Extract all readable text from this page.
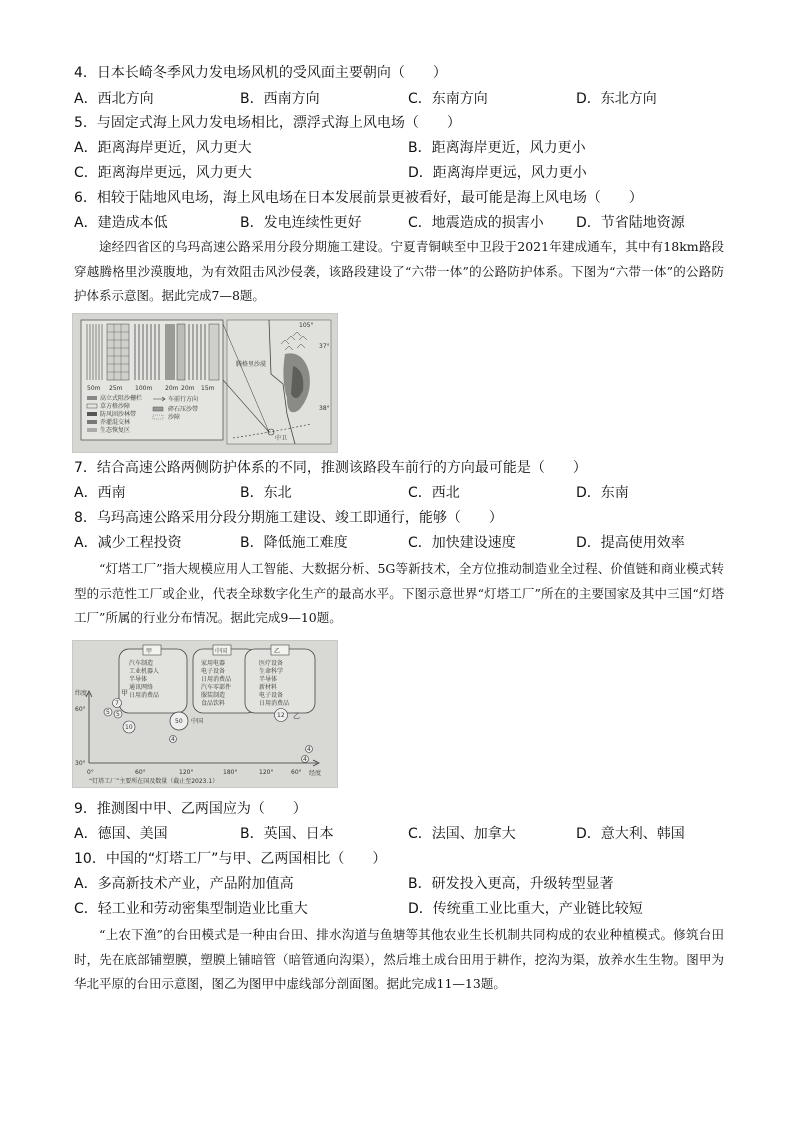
4．日本长崎冬季风力发电场风机的受风面主要朝向（　　）
A．西北方向	B．西南方向	C．东南方向	D．东北方向
5．与固定式海上风力发电场相比，漂浮式海上风电场（　　）
A．距离海岸更近，风力更大	B．距离海岸更近，风力更小
C．距离海岸更远，风力更大	D．距离海岸更远，风力更小
6．相较于陆地风电场，海上风电场在日本发展前景更被看好，最可能是海上风电场（　　）
A．建造成本低	B．发电连续性更好	C．地震造成的损害小 D．节省陆地资源

途经四省区的乌玛高速公路采用分段分期施工建设。宁夏青铜峡至中卫段于2021年建成通车，其中有18km路段穿越腾格里沙漠腹地，为有效阻击风沙侵袭，该路段建设了“六带一体”的公路防护体系。下图为“六带一体”的公路防护体系示意图。据此完成7—8题。

50m 25m 100m 20m 20m 15m
高立式阻沙栅栏
草方格沙障
防风固沙林带
乔灌混交林
生态恢复区
车前行方向
碎石压沙带
沙障
腾格里沙漠
中卫
37°
38°
105°
7．结合高速公路两侧防护体系的不同，推测该路段车前行的方向最可能是（　　）
A．西南	B．东北	C．西北	D．东南
8．乌玛高速公路采用分段分期施工建设、竣工即通行，能够（　　）
A．减少工程投资	B．降低施工难度	C．加快建设速度	D．提高使用效率

“灯塔工厂”指大规模应用人工智能、大数据分析、5G等新技术，全方位推动制造业全过程、价值链和商业模式转型的示范性工厂或企业，代表全球数字化生产的最高水平。下图示意世界“灯塔工厂”所在的主要国家及其中三国“灯塔工厂”所属的行业分布情况。据此完成9—10题。

甲	中国	乙
汽车制造
工业机器人
半导体
通讯网络
日用消费品
家用电器
电子设备
日用消费品
汽车零部件
服装制造
食品饮料
医疗设备
生命科学
半导体
新材料
电子设备
日用消费品
纬度
经度
60°
30°
0°	60°	120°	180°	120°	60°
甲
7
5 5
10
50 中国
4
12 乙
4
4
“灯塔工厂”主要所在国及数量（截止至2023.1）
9．推测图中甲、乙两国应为（　　）
A．德国、美国	B．英国、日本	C．法国、加拿大	D．意大利、韩国
10．中国的“灯塔工厂”与甲、乙两国相比（　　）
A．多高新技术产业，产品附加值高	B．研发投入更高，升级转型显著
C．轻工业和劳动密集型制造业比重大	D．传统重工业比重大，产业链比较短

“上农下渔”的台田模式是一种由台田、排水沟道与鱼塘等其他农业生长机制共同构成的农业种植模式。修筑台田时，先在底部铺塑膜，塑膜上铺暗管（暗管通向沟渠），然后堆土成台田用于耕作，挖沟为渠，放养水生生物。图甲为华北平原的台田示意图，图乙为图甲中虚线部分剖面图。据此完成11—13题。
